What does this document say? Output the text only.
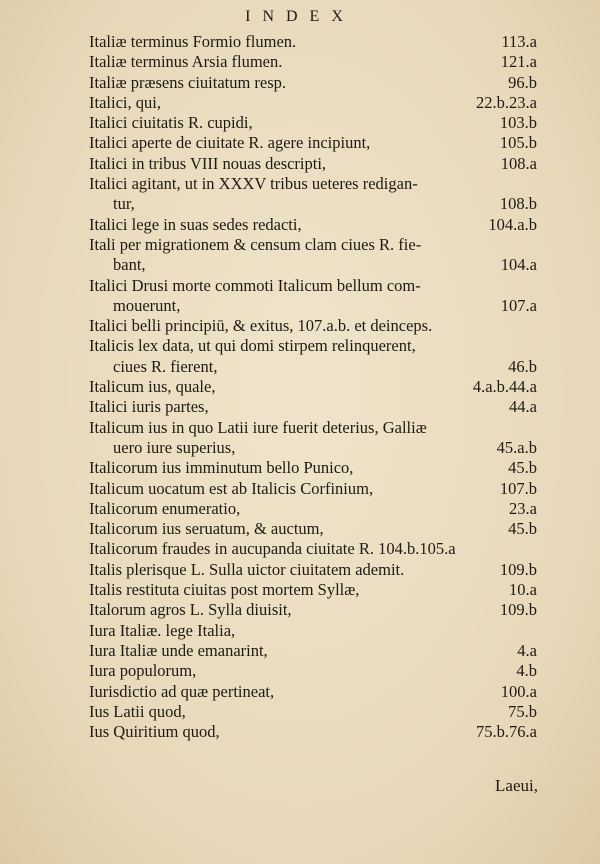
INDEX
Italiæ terminus Formio flumen.	113.a
Italiæ terminus Arsia flumen.	121.a
Italiæ præsens ciuitatum resp.	96.b
Italici, qui,	22.b.23.a
Italici ciuitatis R. cupidi,	103.b
Italici aperte de ciuitate R. agere incipiunt,	105.b
Italici in tribus VIII nouas descripti,	108.a
Italici agitant, ut in XXXV tribus ueteres redigan-
tur,	108.b
Italici lege in suas sedes redacti,	104.a.b
Itali per migrationem & censum clam ciues R. fie-
bant,	104.a
Italici Drusi morte commoti Italicum bellum com-
mouerunt,	107.a
Italici belli principiū, & exitus, 107.a.b. et deinceps.
Italicis lex data, ut qui domi stirpem relinquerent,
ciues R. fierent,	46.b
Italicum ius, quale,	4.a.b.44.a
Italici iuris partes,	44.a
Italicum ius in quo Latii iure fuerit deterius, Galliæ
uero iure superius,	45.a.b
Italicorum ius imminutum bello Punico,	45.b
Italicum uocatum est ab Italicis Corfinium,	107.b
Italicorum enumeratio,	23.a
Italicorum ius seruatum, & auctum,	45.b
Italicorum fraudes in aucupanda ciuitate R. 104.b.105.a
Italis plerisque L. Sulla uictor ciuitatem ademit.	109.b
Italis restituta ciuitas post mortem Syllæ,	10.a
Italorum agros L. Sylla diuisit,	109.b
Iura Italiæ. lege Italia,
Iura Italiæ unde emanarint,	4.a
Iura populorum,	4.b
Iurisdictio ad quæ pertineat,	100.a
Ius Latii quod,	75.b
Ius Quiritium quod,	75.b.76.a
Laeui,
